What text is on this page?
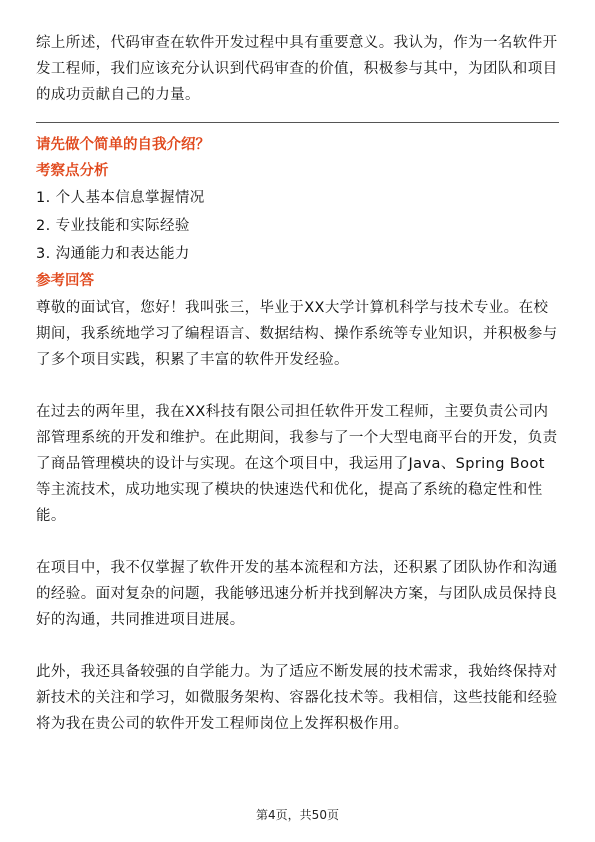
综上所述，代码审查在软件开发过程中具有重要意义。我认为，作为一名软件开发工程师，我们应该充分认识到代码审查的价值，积极参与其中，为团队和项目的成功贡献自己的力量。

请先做个简单的自我介绍？

考察点分析

1. 个人基本信息掌握情况

2. 专业技能和实际经验

3. 沟通能力和表达能力

参考回答

尊敬的面试官，您好！我叫张三，毕业于XX大学计算机科学与技术专业。在校期间，我系统地学习了编程语言、数据结构、操作系统等专业知识，并积极参与了多个项目实践，积累了丰富的软件开发经验。

在过去的两年里，我在XX科技有限公司担任软件开发工程师，主要负责公司内部管理系统的开发和维护。在此期间，我参与了一个大型电商平台的开发，负责了商品管理模块的设计与实现。在这个项目中，我运用了Java、Spring Boot等主流技术，成功地实现了模块的快速迭代和优化，提高了系统的稳定性和性能。

在项目中，我不仅掌握了软件开发的基本流程和方法，还积累了团队协作和沟通的经验。面对复杂的问题，我能够迅速分析并找到解决方案，与团队成员保持良好的沟通，共同推进项目进展。

此外，我还具备较强的自学能力。为了适应不断发展的技术需求，我始终保持对新技术的关注和学习，如微服务架构、容器化技术等。我相信，这些技能和经验将为我在贵公司的软件开发工程师岗位上发挥积极作用。

第4页，共50页
